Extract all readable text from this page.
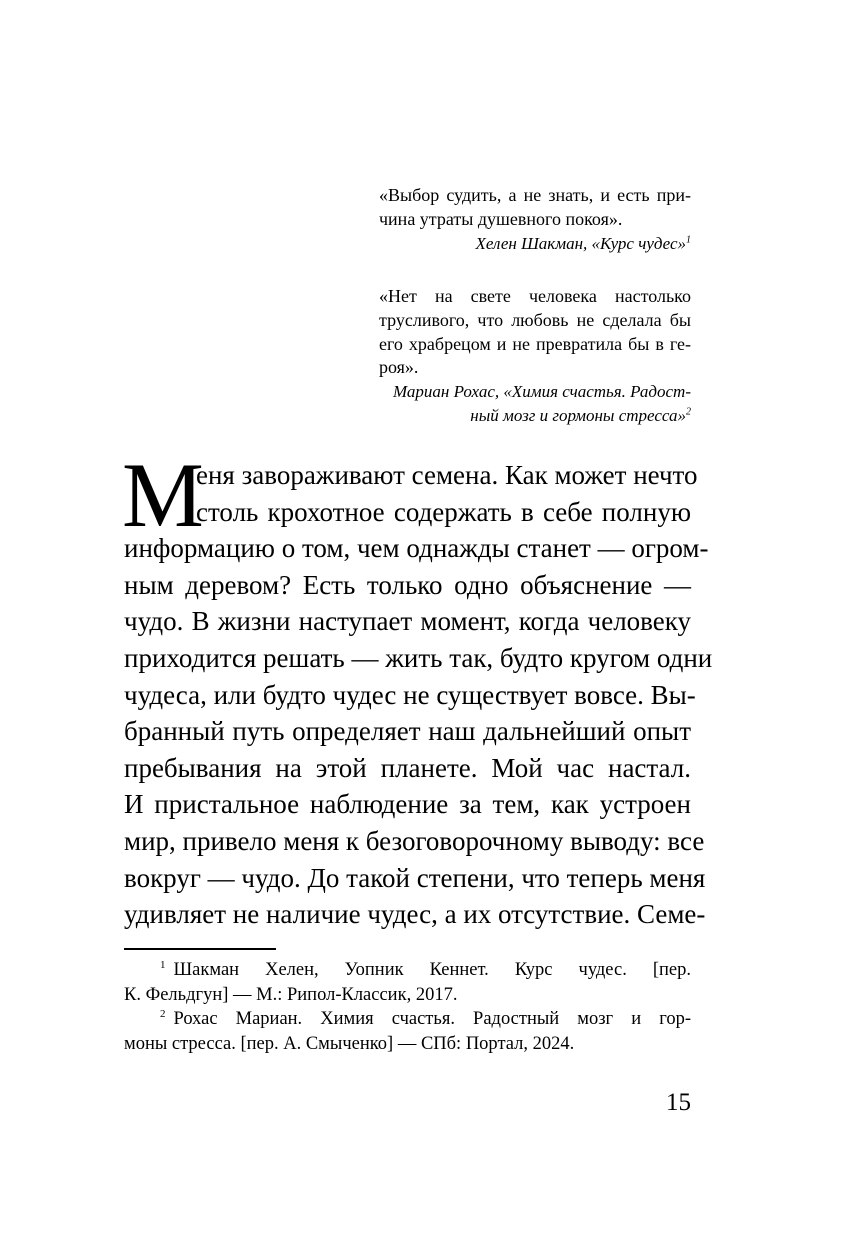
«Выбор судить, а не знать, и есть при-
чина утраты душевного покоя».
Хелен Шакман, «Курс чудес»$^1$
«Нет на свете человека настолько
трусливого, что любовь не сделала бы
его храбрецом и не превратила бы в ге-
роя».
Мариан Рохас, «Химия счастья. Радост-
ный мозг и гормоны стресса»$^2$
М
еня завораживают семена. Как может нечто
столь крохотное содержать в себе полную
информацию о том, чем однажды станет — огром-
ным деревом? Есть только одно объяснение —
чудо. В жизни наступает момент, когда человеку
приходится решать — жить так, будто кругом одни
чудеса, или будто чудес не существует вовсе. Вы-
бранный путь определяет наш дальнейший опыт
пребывания на этой планете. Мой час настал.
И пристальное наблюдение за тем, как устроен
мир, привело меня к безоговорочному выводу: все
вокруг — чудо. До такой степени, что теперь меня
удивляет не наличие чудес, а их отсутствие. Семе-
$^1$ Шакман Хелен, Уопник Кеннет. Курс чудес. [пер.
К. Фельдгун] — М.: Рипол-Классик, 2017.
$^2$ Рохас Мариан. Химия счастья. Радостный мозг и гор-
моны стресса. [пер. А. Смыченко] — СПб: Портал, 2024.
15
